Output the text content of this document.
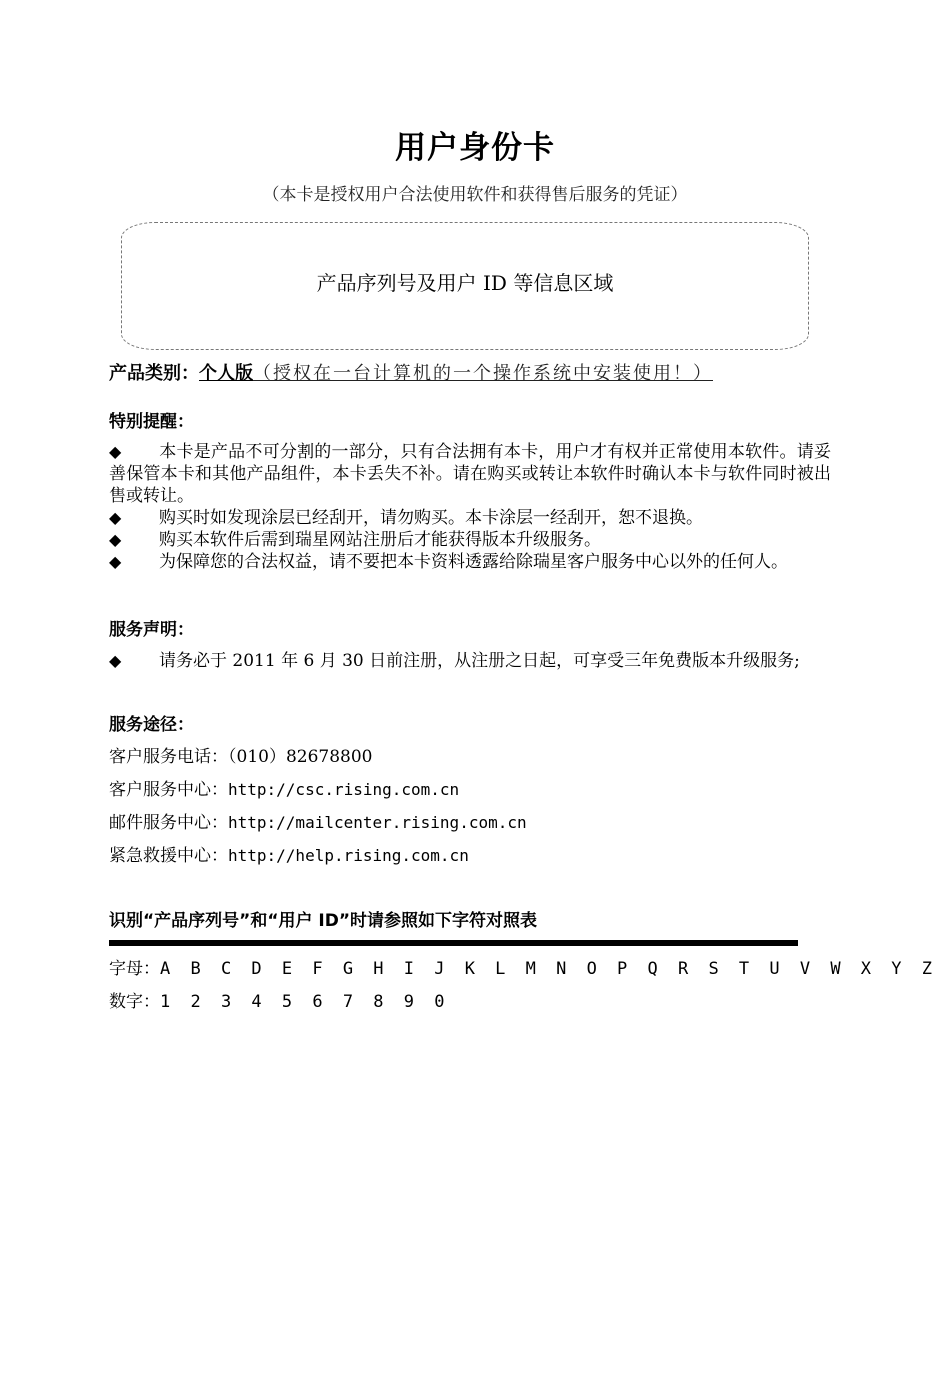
用户身份卡
（本卡是授权用户合法使用软件和获得售后服务的凭证）
产品序列号及用户 ID 等信息区域
产品类别：个人版（授权在一台计算机的一个操作系统中安装使用！）
特别提醒：
◆ 本卡是产品不可分割的一部分，只有合法拥有本卡，用户才有权并正常使用本软件。请妥善保管本卡和其他产品组件，本卡丢失不补。请在购买或转让本软件时确认本卡与软件同时被出售或转让。
◆ 购买时如发现涂层已经刮开，请勿购买。本卡涂层一经刮开，恕不退换。
◆ 购买本软件后需到瑞星网站注册后才能获得版本升级服务。
◆ 为保障您的合法权益，请不要把本卡资料透露给除瑞星客户服务中心以外的任何人。
服务声明：
◆ 请务必于 2011 年 6 月 30 日前注册，从注册之日起，可享受三年免费版本升级服务;
服务途径：
客户服务电话：（010）82678800
客户服务中心：http://csc.rising.com.cn
邮件服务中心：http://mailcenter.rising.com.cn
紧急救援中心：http://help.rising.com.cn
识别“产品序列号”和“用户 ID”时请参照如下字符对照表
字母：A B C D E F G H I J K L M N O P Q R S T U V W X Y Z
数字：1 2 3 4 5 6 7 8 9 0
